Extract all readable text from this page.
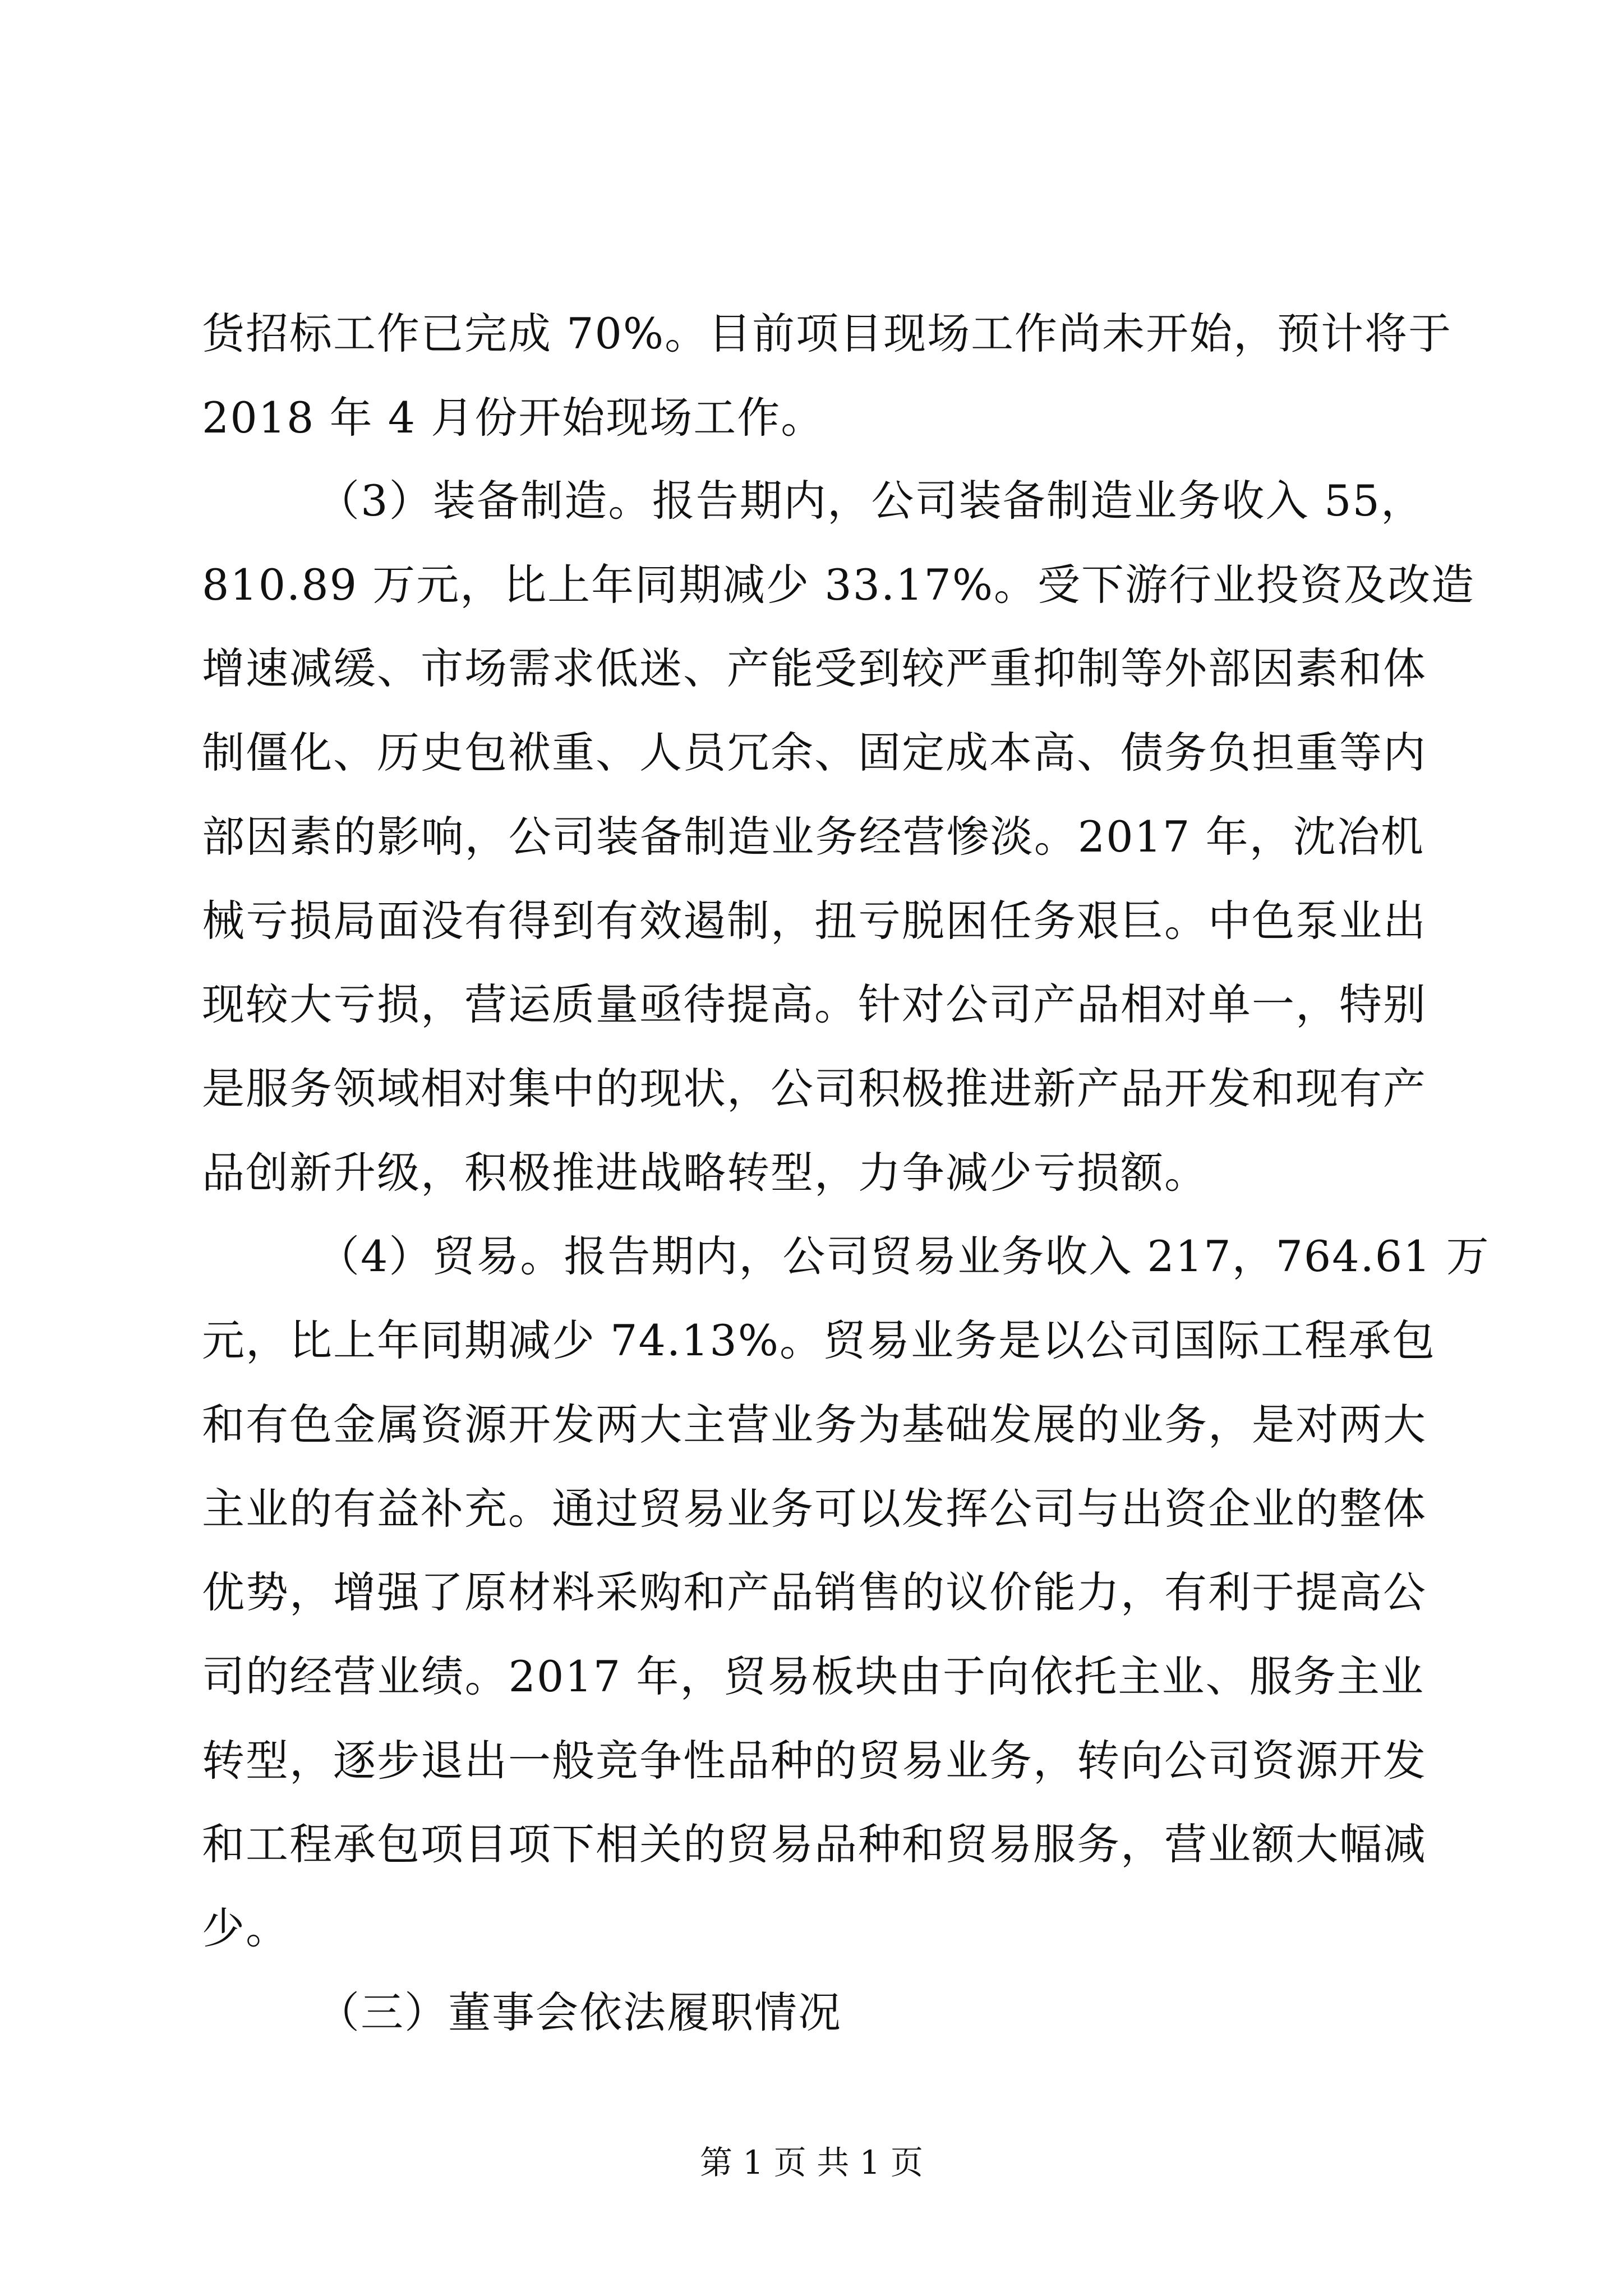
货招标工作已完成 70%。目前项目现场工作尚未开始，预计将于
2018 年 4 月份开始现场工作。
（3）装备制造。报告期内，公司装备制造业务收入 55，
810.89 万元，比上年同期减少 33.17%。受下游行业投资及改造
增速减缓、市场需求低迷、产能受到较严重抑制等外部因素和体
制僵化、历史包袱重、人员冗余、固定成本高、债务负担重等内
部因素的影响，公司装备制造业务经营惨淡。2017 年，沈冶机
械亏损局面没有得到有效遏制，扭亏脱困任务艰巨。中色泵业出
现较大亏损，营运质量亟待提高。针对公司产品相对单一，特别
是服务领域相对集中的现状，公司积极推进新产品开发和现有产
品创新升级，积极推进战略转型，力争减少亏损额。
（4）贸易。报告期内，公司贸易业务收入 217，764.61 万
元，比上年同期减少 74.13%。贸易业务是以公司国际工程承包
和有色金属资源开发两大主营业务为基础发展的业务，是对两大
主业的有益补充。通过贸易业务可以发挥公司与出资企业的整体
优势，增强了原材料采购和产品销售的议价能力，有利于提高公
司的经营业绩。2017 年，贸易板块由于向依托主业、服务主业
转型，逐步退出一般竞争性品种的贸易业务，转向公司资源开发
和工程承包项目项下相关的贸易品种和贸易服务，营业额大幅减
少。
（三）董事会依法履职情况
第 1 页 共 1 页
